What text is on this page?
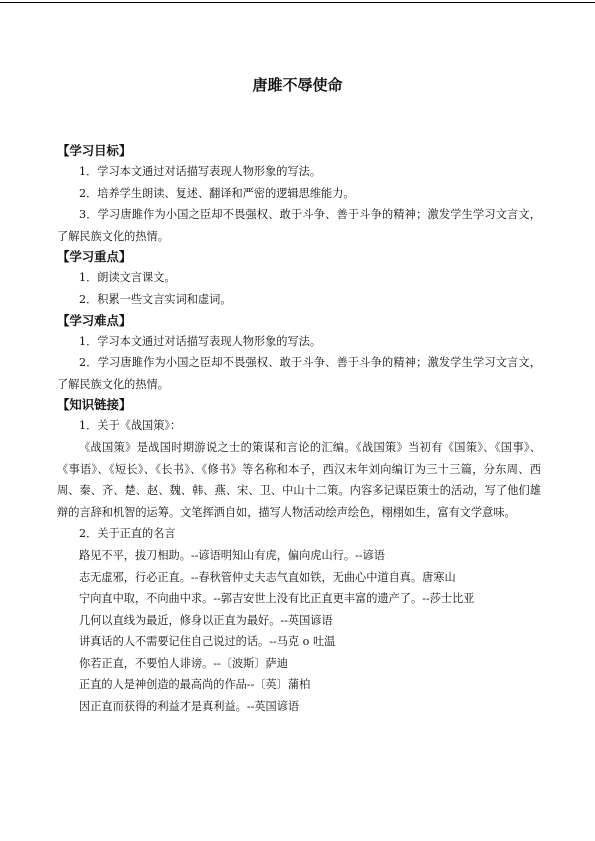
唐雎不辱使命
【学习目标】
1．学习本文通过对话描写表现人物形象的写法。
2．培养学生朗读、复述、翻译和严密的逻辑思维能力。
3．学习唐雎作为小国之臣却不畏强权、敢于斗争、善于斗争的精神；激发学生学习文言文，了解民族文化的热情。
【学习重点】
1．朗读文言课文。
2．积累一些文言实词和虚词。
【学习难点】
1．学习本文通过对话描写表现人物形象的写法。
2．学习唐雎作为小国之臣却不畏强权、敢于斗争、善于斗争的精神；激发学生学习文言文，了解民族文化的热情。
【知识链接】
1．关于《战国策》：
《战国策》是战国时期游说之士的策谋和言论的汇编。《战国策》当初有《国策》、《国事》、《事语》、《短长》、《长书》、《修书》等名称和本子，西汉末年刘向编订为三十三篇，分东周、西周、秦、齐、楚、赵、魏、韩、燕、宋、卫、中山十二策。内容多记谋臣策士的活动，写了他们雄辩的言辞和机智的运筹。文笔挥洒自如，描写人物活动绘声绘色，栩栩如生，富有文学意味。
2．关于正直的名言
路见不平，拔刀相助。--谚语明知山有虎，偏向虎山行。--谚语
志无虚邪，行必正直。--春秋管仲丈夫志气直如铁，无曲心中道自真。唐寒山
宁向直中取，不向曲中求。--郭吉安世上没有比正直更丰富的遗产了。--莎士比亚
几何以直线为最近，修身以正直为最好。--英国谚语
讲真话的人不需要记住自己说过的话。--马克 o 吐温
你若正直，不要怕人诽谤。--〔波斯〕萨迪
正直的人是神创造的最高尚的作品--〔英〕蒲柏
因正直而获得的利益才是真利益。--英国谚语
